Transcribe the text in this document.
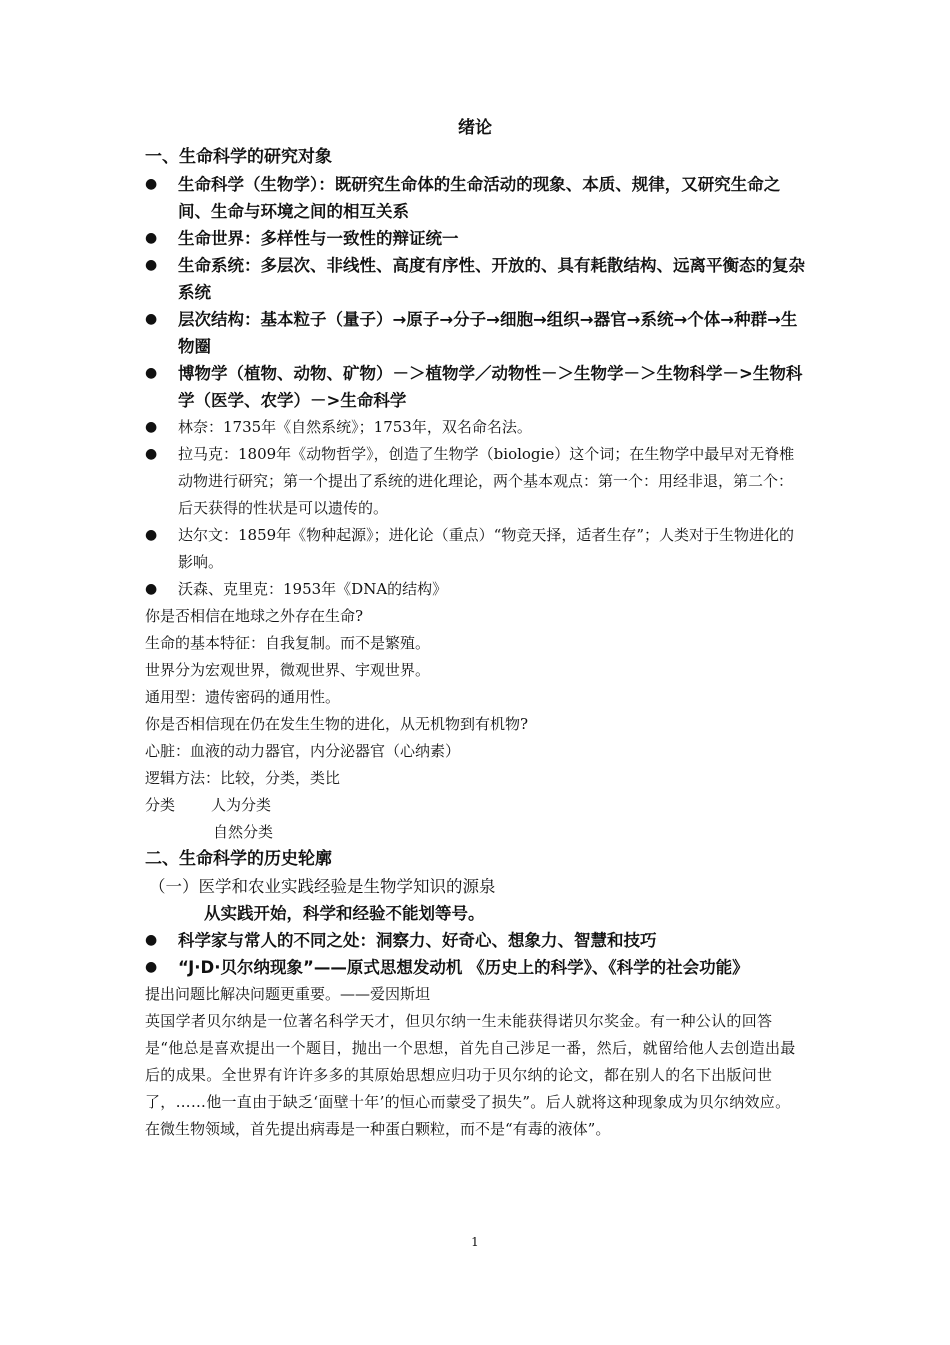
绪论
一、生命科学的研究对象
● 生命科学（生物学）：既研究生命体的生命活动的现象、本质、规律，又研究生命之间、生命与环境之间的相互关系
● 生命世界：多样性与一致性的辩证统一
● 生命系统：多层次、非线性、高度有序性、开放的、具有耗散结构、远离平衡态的复杂系统
● 层次结构：基本粒子（量子）→原子→分子→细胞→组织→器官→系统→个体→种群→生物圈
● 博物学（植物、动物、矿物）－＞植物学／动物性－＞生物学－＞生物科学－>生物科学（医学、农学）－>生命科学
● 林奈：1735年《自然系统》；1753年，双名命名法。
● 拉马克：1809年《动物哲学》，创造了生物学（biologie）这个词；在生物学中最早对无脊椎动物进行研究；第一个提出了系统的进化理论，两个基本观点：第一个：用经非退，第二个：后天获得的性状是可以遗传的。
● 达尔文：1859年《物种起源》；进化论（重点）“物竞天择，适者生存”；人类对于生物进化的影响。
● 沃森、克里克：1953年《DNA的结构》
你是否相信在地球之外存在生命?
生命的基本特征：自我复制。而不是繁殖。
世界分为宏观世界，微观世界、宇观世界。
通用型：遗传密码的通用性。
你是否相信现在仍在发生生物的进化，从无机物到有机物?
心脏：血液的动力器官，内分泌器官（心纳素）
逻辑方法：比较，分类，类比
分类 人为分类
自然分类
二、生命科学的历史轮廓
（一）医学和农业实践经验是生物学知识的源泉
从实践开始，科学和经验不能划等号。
● 科学家与常人的不同之处：洞察力、好奇心、想象力、智慧和技巧
● “J·D·贝尔纳现象”——原式思想发动机 《历史上的科学》、《科学的社会功能》
提出问题比解决问题更重要。——爱因斯坦
英国学者贝尔纳是一位著名科学天才，但贝尔纳一生未能获得诺贝尔奖金。有一种公认的回答是“他总是喜欢提出一个题目，抛出一个思想，首先自己涉足一番，然后，就留给他人去创造出最后的成果。全世界有许许多多的其原始思想应归功于贝尔纳的论文，都在别人的名下出版问世了，……他一直由于缺乏‘面壁十年’的恒心而蒙受了损失”。后人就将这种现象成为贝尔纳效应。
在微生物领域，首先提出病毒是一种蛋白颗粒，而不是“有毒的液体”。
1
